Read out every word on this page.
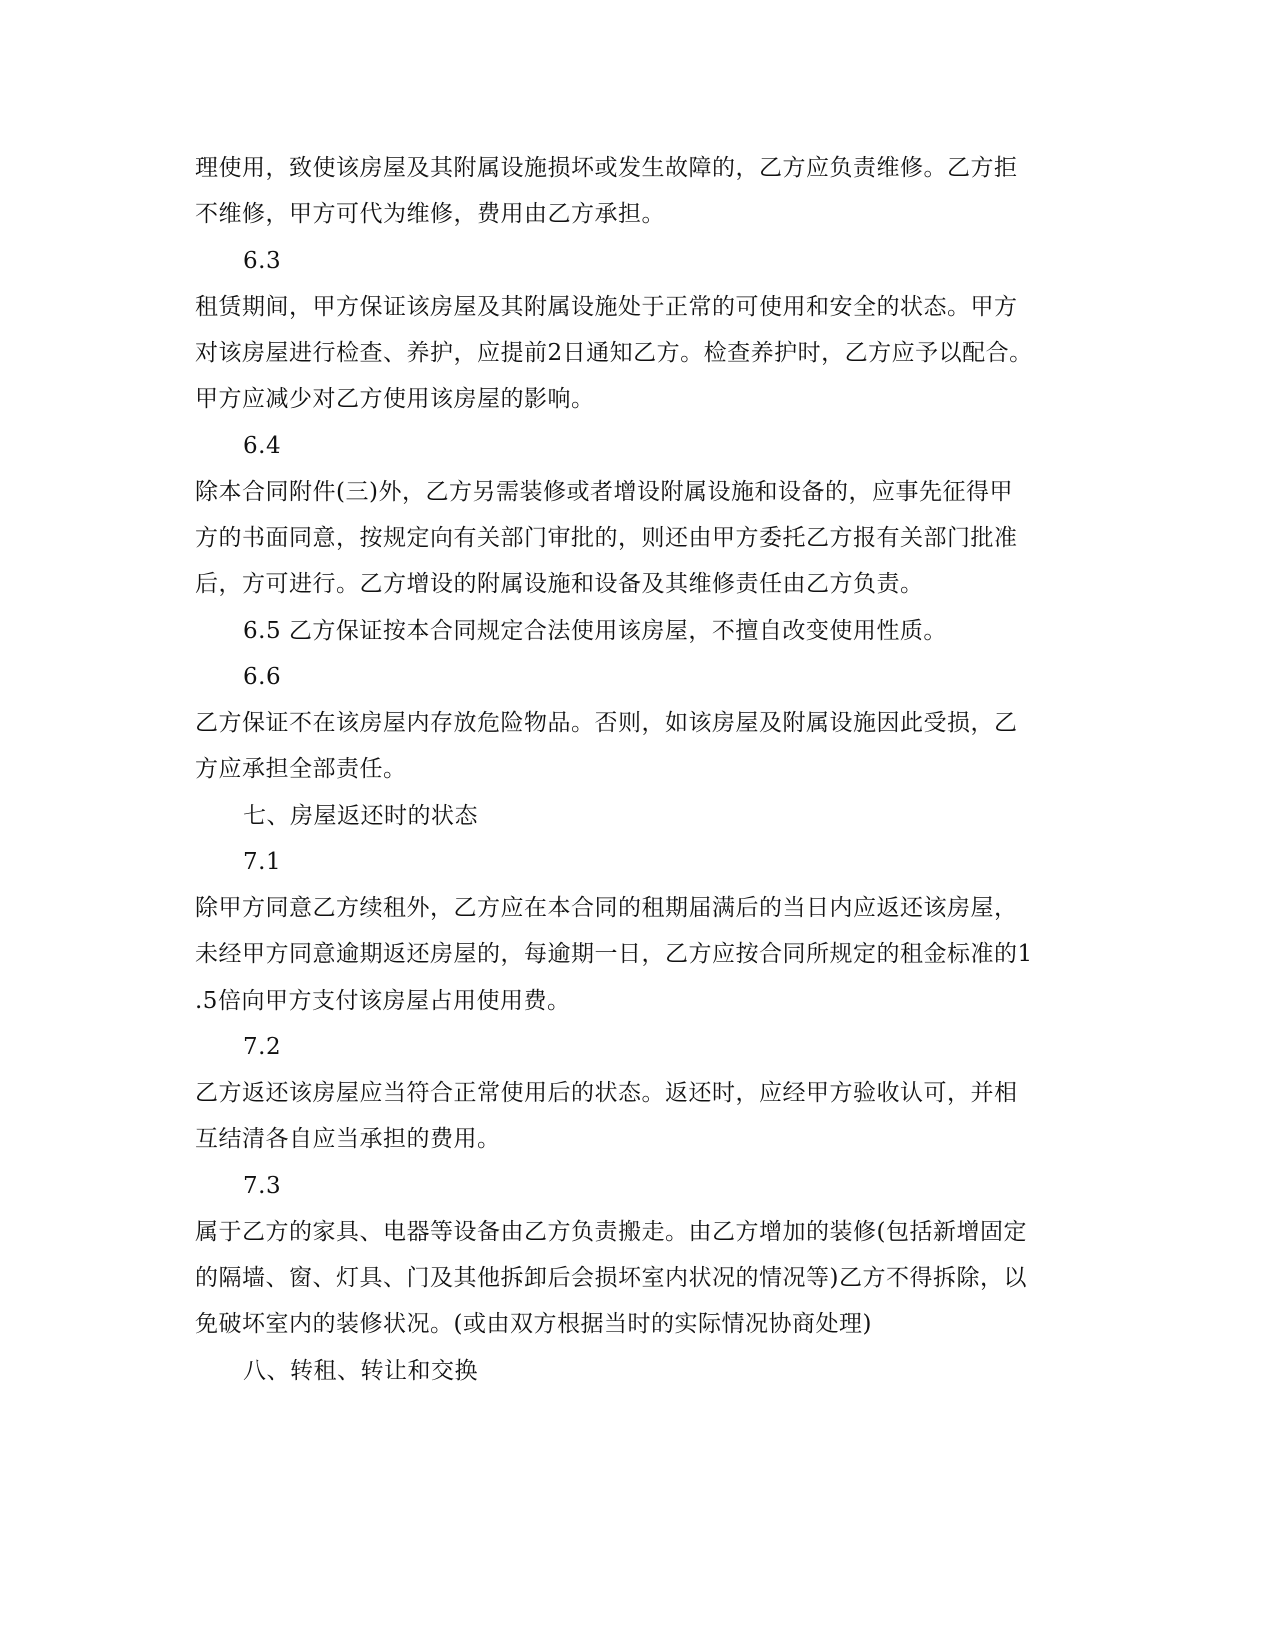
理使用，致使该房屋及其附属设施损坏或发生故障的，乙方应负责维修。乙方拒
不维修，甲方可代为维修，费用由乙方承担。
6.3
租赁期间，甲方保证该房屋及其附属设施处于正常的可使用和安全的状态。甲方
对该房屋进行检查、养护，应提前2日通知乙方。检查养护时，乙方应予以配合。
甲方应减少对乙方使用该房屋的影响。
6.4
除本合同附件(三)外，乙方另需装修或者增设附属设施和设备的，应事先征得甲
方的书面同意，按规定向有关部门审批的，则还由甲方委托乙方报有关部门批准
后，方可进行。乙方增设的附属设施和设备及其维修责任由乙方负责。
6.5 乙方保证按本合同规定合法使用该房屋，不擅自改变使用性质。
6.6
乙方保证不在该房屋内存放危险物品。否则，如该房屋及附属设施因此受损，乙
方应承担全部责任。
七、房屋返还时的状态
7.1
除甲方同意乙方续租外，乙方应在本合同的租期届满后的当日内应返还该房屋，
未经甲方同意逾期返还房屋的，每逾期一日，乙方应按合同所规定的租金标准的1
.5倍向甲方支付该房屋占用使用费。
7.2
乙方返还该房屋应当符合正常使用后的状态。返还时，应经甲方验收认可，并相
互结清各自应当承担的费用。
7.3
属于乙方的家具、电器等设备由乙方负责搬走。由乙方增加的装修(包括新增固定
的隔墙、窗、灯具、门及其他拆卸后会损坏室内状况的情况等)乙方不得拆除，以
免破坏室内的装修状况。(或由双方根据当时的实际情况协商处理)
八、转租、转让和交换
